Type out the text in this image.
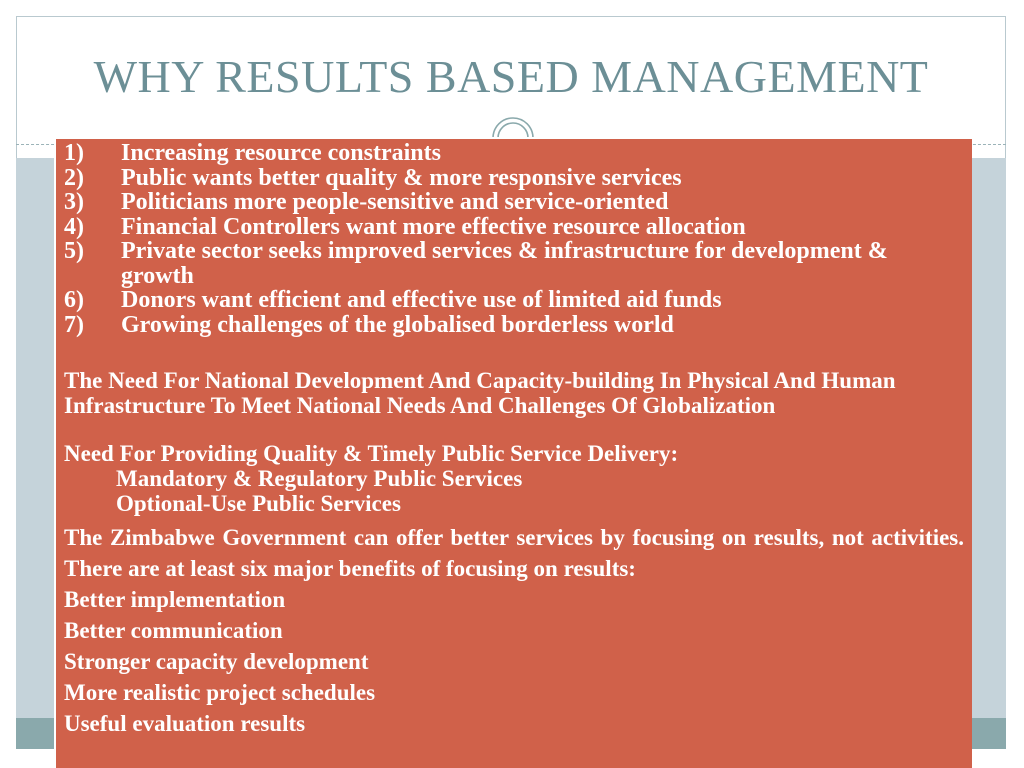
WHY RESULTS BASED MANAGEMENT
1) Increasing resource constraints
2) Public wants better quality & more responsive services
3) Politicians more people-sensitive and service-oriented
4) Financial Controllers want more effective resource allocation
5) Private sector seeks improved services & infrastructure for development & growth
6) Donors want efficient and effective use of limited aid funds
7) Growing challenges of the globalised borderless world

The Need For National Development And Capacity-building In Physical And Human Infrastructure To Meet National Needs And Challenges Of Globalization

Need For Providing Quality & Timely Public Service Delivery:

Mandatory & Regulatory Public Services
Optional-Use Public Services

The Zimbabwe Government can offer better services by focusing on results, not activities. There are at least six major benefits of focusing on results:

Better implementation

Better communication

Stronger capacity development

More realistic project schedules

Useful evaluation results
